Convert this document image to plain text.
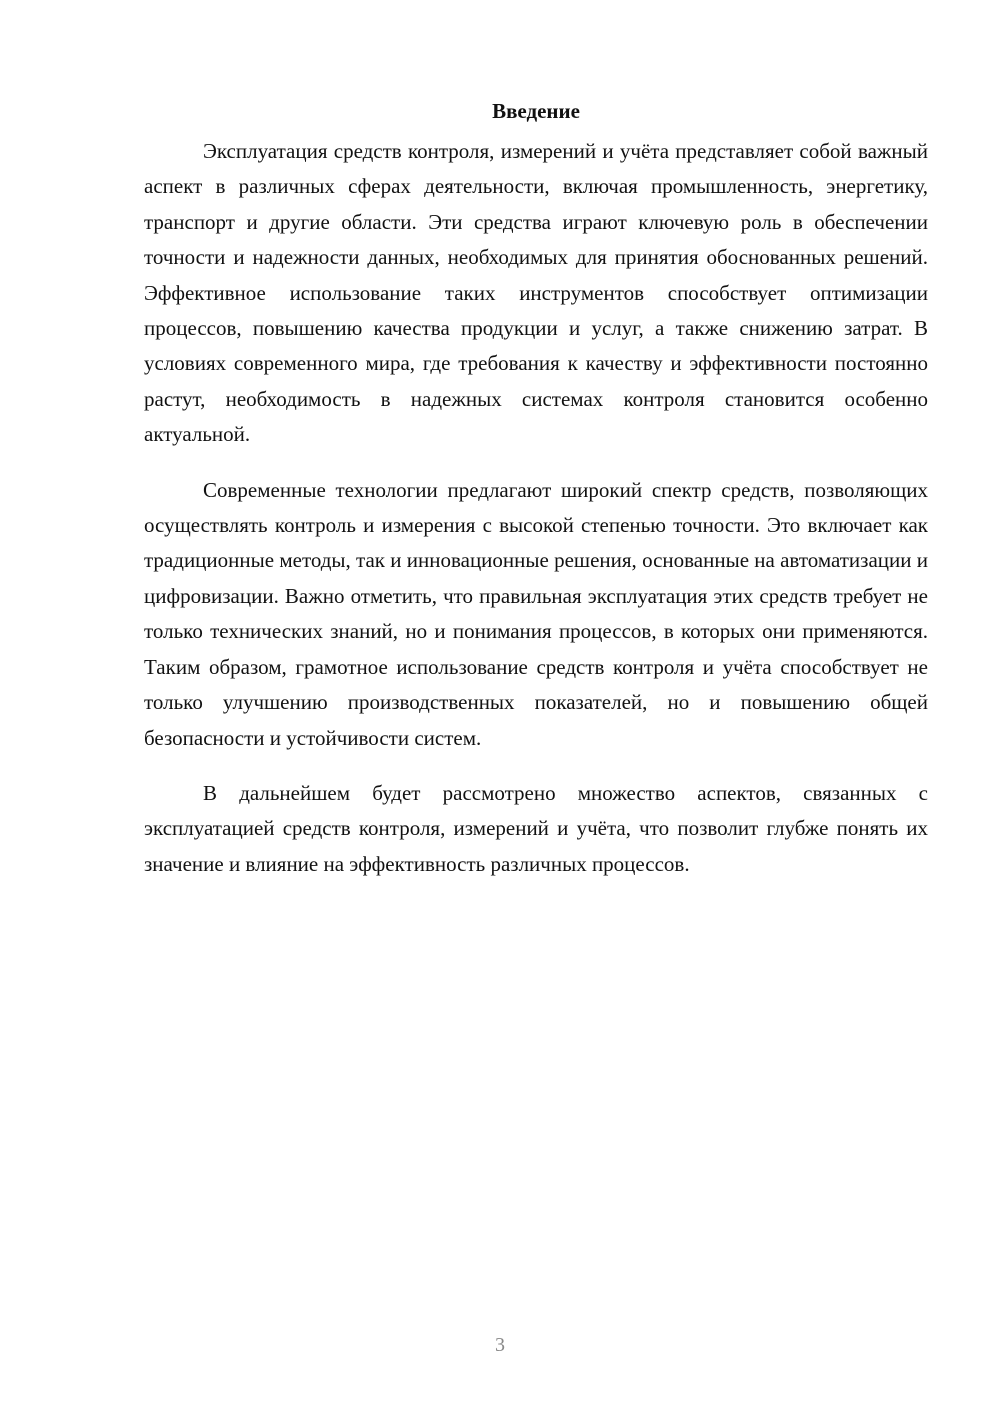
Введение

Эксплуатация средств контроля, измерений и учёта представляет собой важный аспект в различных сферах деятельности, включая промышленность, энергетику, транспорт и другие области. Эти средства играют ключевую роль в обеспечении точности и надежности данных, необходимых для принятия обоснованных решений. Эффективное использование таких инструментов способствует оптимизации процессов, повышению качества продукции и услуг, а также снижению затрат. В условиях современного мира, где требования к качеству и эффективности постоянно растут, необходимость в надежных системах контроля становится особенно актуальной.

Современные технологии предлагают широкий спектр средств, позволяющих осуществлять контроль и измерения с высокой степенью точности. Это включает как традиционные методы, так и инновационные решения, основанные на автоматизации и цифровизации. Важно отметить, что правильная эксплуатация этих средств требует не только технических знаний, но и понимания процессов, в которых они применяются. Таким образом, грамотное использование средств контроля и учёта способствует не только улучшению производственных показателей, но и повышению общей безопасности и устойчивости систем.

В дальнейшем будет рассмотрено множество аспектов, связанных с эксплуатацией средств контроля, измерений и учёта, что позволит глубже понять их значение и влияние на эффективность различных процессов.

3
